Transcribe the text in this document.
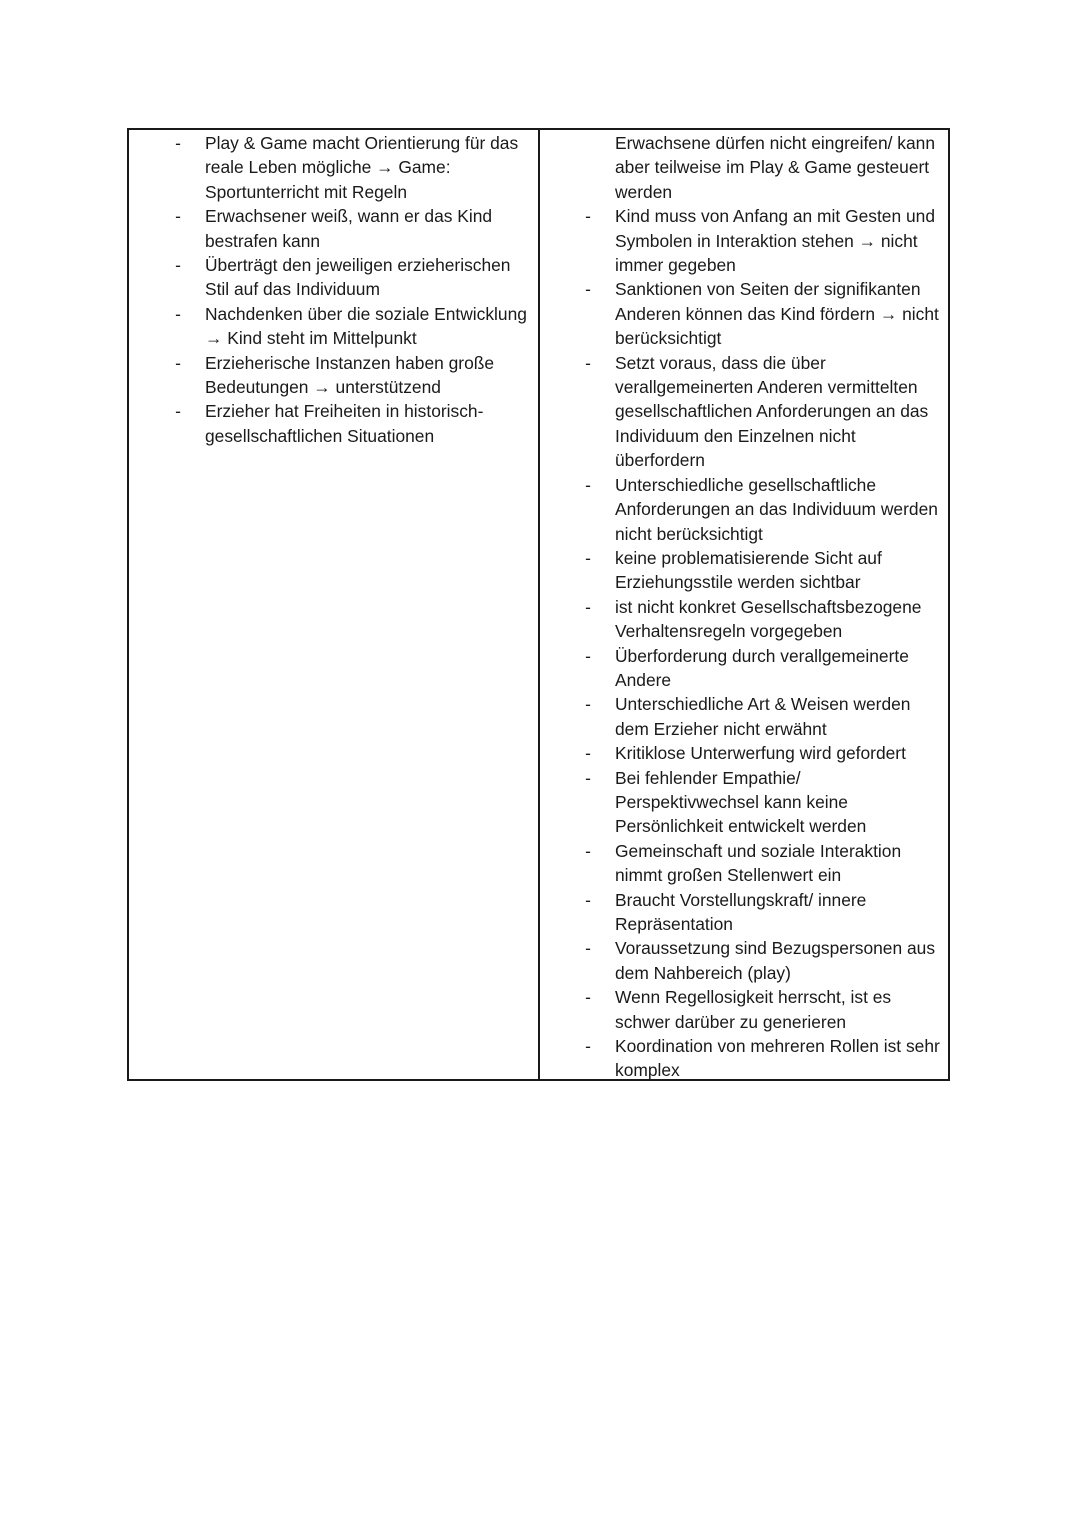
- Play & Game macht Orientierung für das reale Leben mögliche → Game: Sportunterricht mit Regeln
- Erwachsener weiß, wann er das Kind bestrafen kann
- Überträgt den jeweiligen erzieherischen Stil auf das Individuum
- Nachdenken über die soziale Entwicklung → Kind steht im Mittelpunkt
- Erzieherische Instanzen haben große Bedeutungen → unterstützend
- Erzieher hat Freiheiten in historisch-gesellschaftlichen Situationen
Erwachsene dürfen nicht eingreifen/ kann aber teilweise im Play & Game gesteuert werden
- Kind muss von Anfang an mit Gesten und Symbolen in Interaktion stehen → nicht immer gegeben
- Sanktionen von Seiten der signifikanten Anderen können das Kind fördern → nicht berücksichtigt
- Setzt voraus, dass die über verallgemeinerten Anderen vermittelten gesellschaftlichen Anforderungen an das Individuum den Einzelnen nicht überfordern
- Unterschiedliche gesellschaftliche Anforderungen an das Individuum werden nicht berücksichtigt
- keine problematisierende Sicht auf Erziehungsstile werden sichtbar
- ist nicht konkret Gesellschaftsbezogene Verhaltensregeln vorgegeben
- Überforderung durch verallgemeinerte Andere
- Unterschiedliche Art & Weisen werden dem Erzieher nicht erwähnt
- Kritiklose Unterwerfung wird gefordert
- Bei fehlender Empathie/ Perspektivwechsel kann keine Persönlichkeit entwickelt werden
- Gemeinschaft und soziale Interaktion nimmt großen Stellenwert ein
- Braucht Vorstellungskraft/ innere Repräsentation
- Voraussetzung sind Bezugspersonen aus dem Nahbereich (play)
- Wenn Regellosigkeit herrscht, ist es schwer darüber zu generieren
- Koordination von mehreren Rollen ist sehr komplex
